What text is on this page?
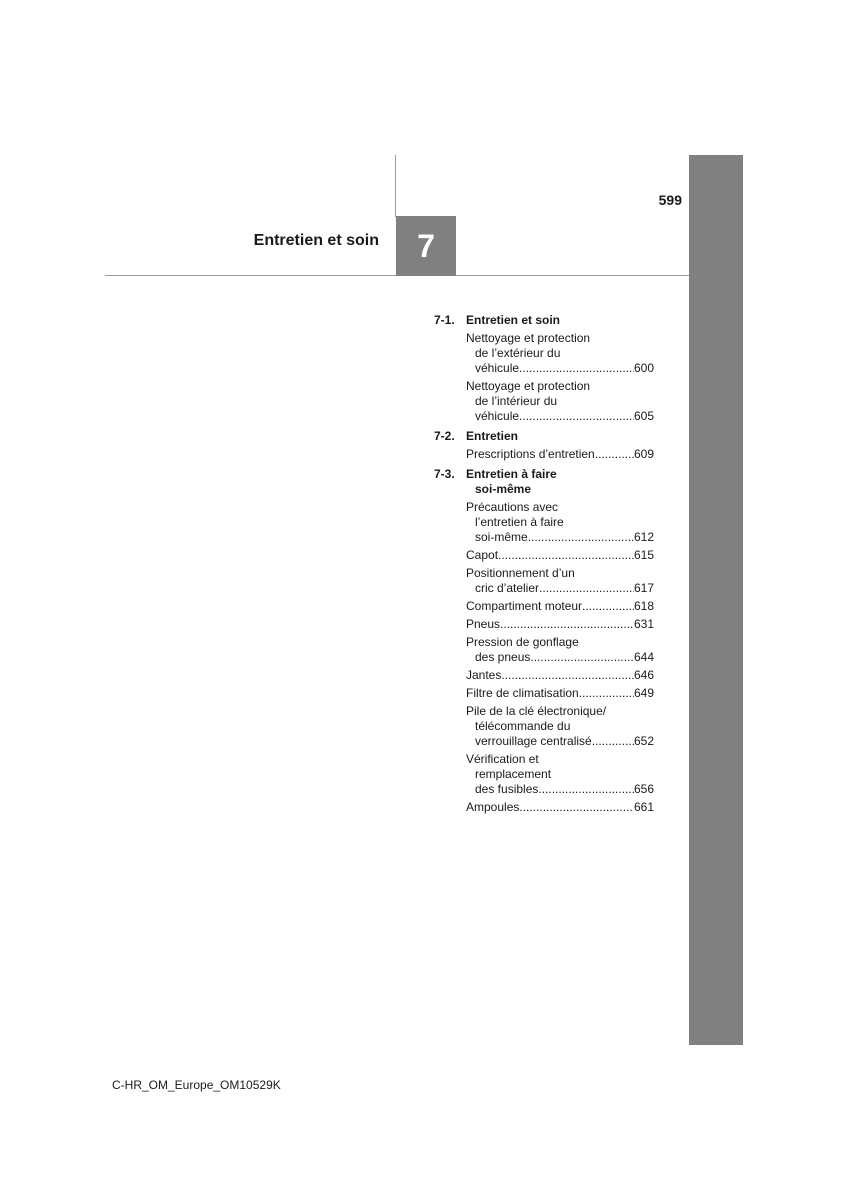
Entretien et soin 7
599
7-1. Entretien et soin
Nettoyage et protection
de l’extérieur du
véhicule .....	600
Nettoyage et protection
de l’intérieur du
véhicule .....	605
7-2. Entretien
Prescriptions d’entretien .....	609
7-3. Entretien à faire
soi-même
Précautions avec
l’entretien à faire
soi-même .....	612
Capot .....	615
Positionnement d’un
cric d’atelier .....	617
Compartiment moteur .....	618
Pneus .....	631
Pression de gonflage
des pneus .....	644
Jantes .....	646
Filtre de climatisation .....	649
Pile de la clé électronique/
télécommande du
verrouillage centralisé .....	652
Vérification et
remplacement
des fusibles .....	656
Ampoules .....	661
C-HR_OM_Europe_OM10529K
